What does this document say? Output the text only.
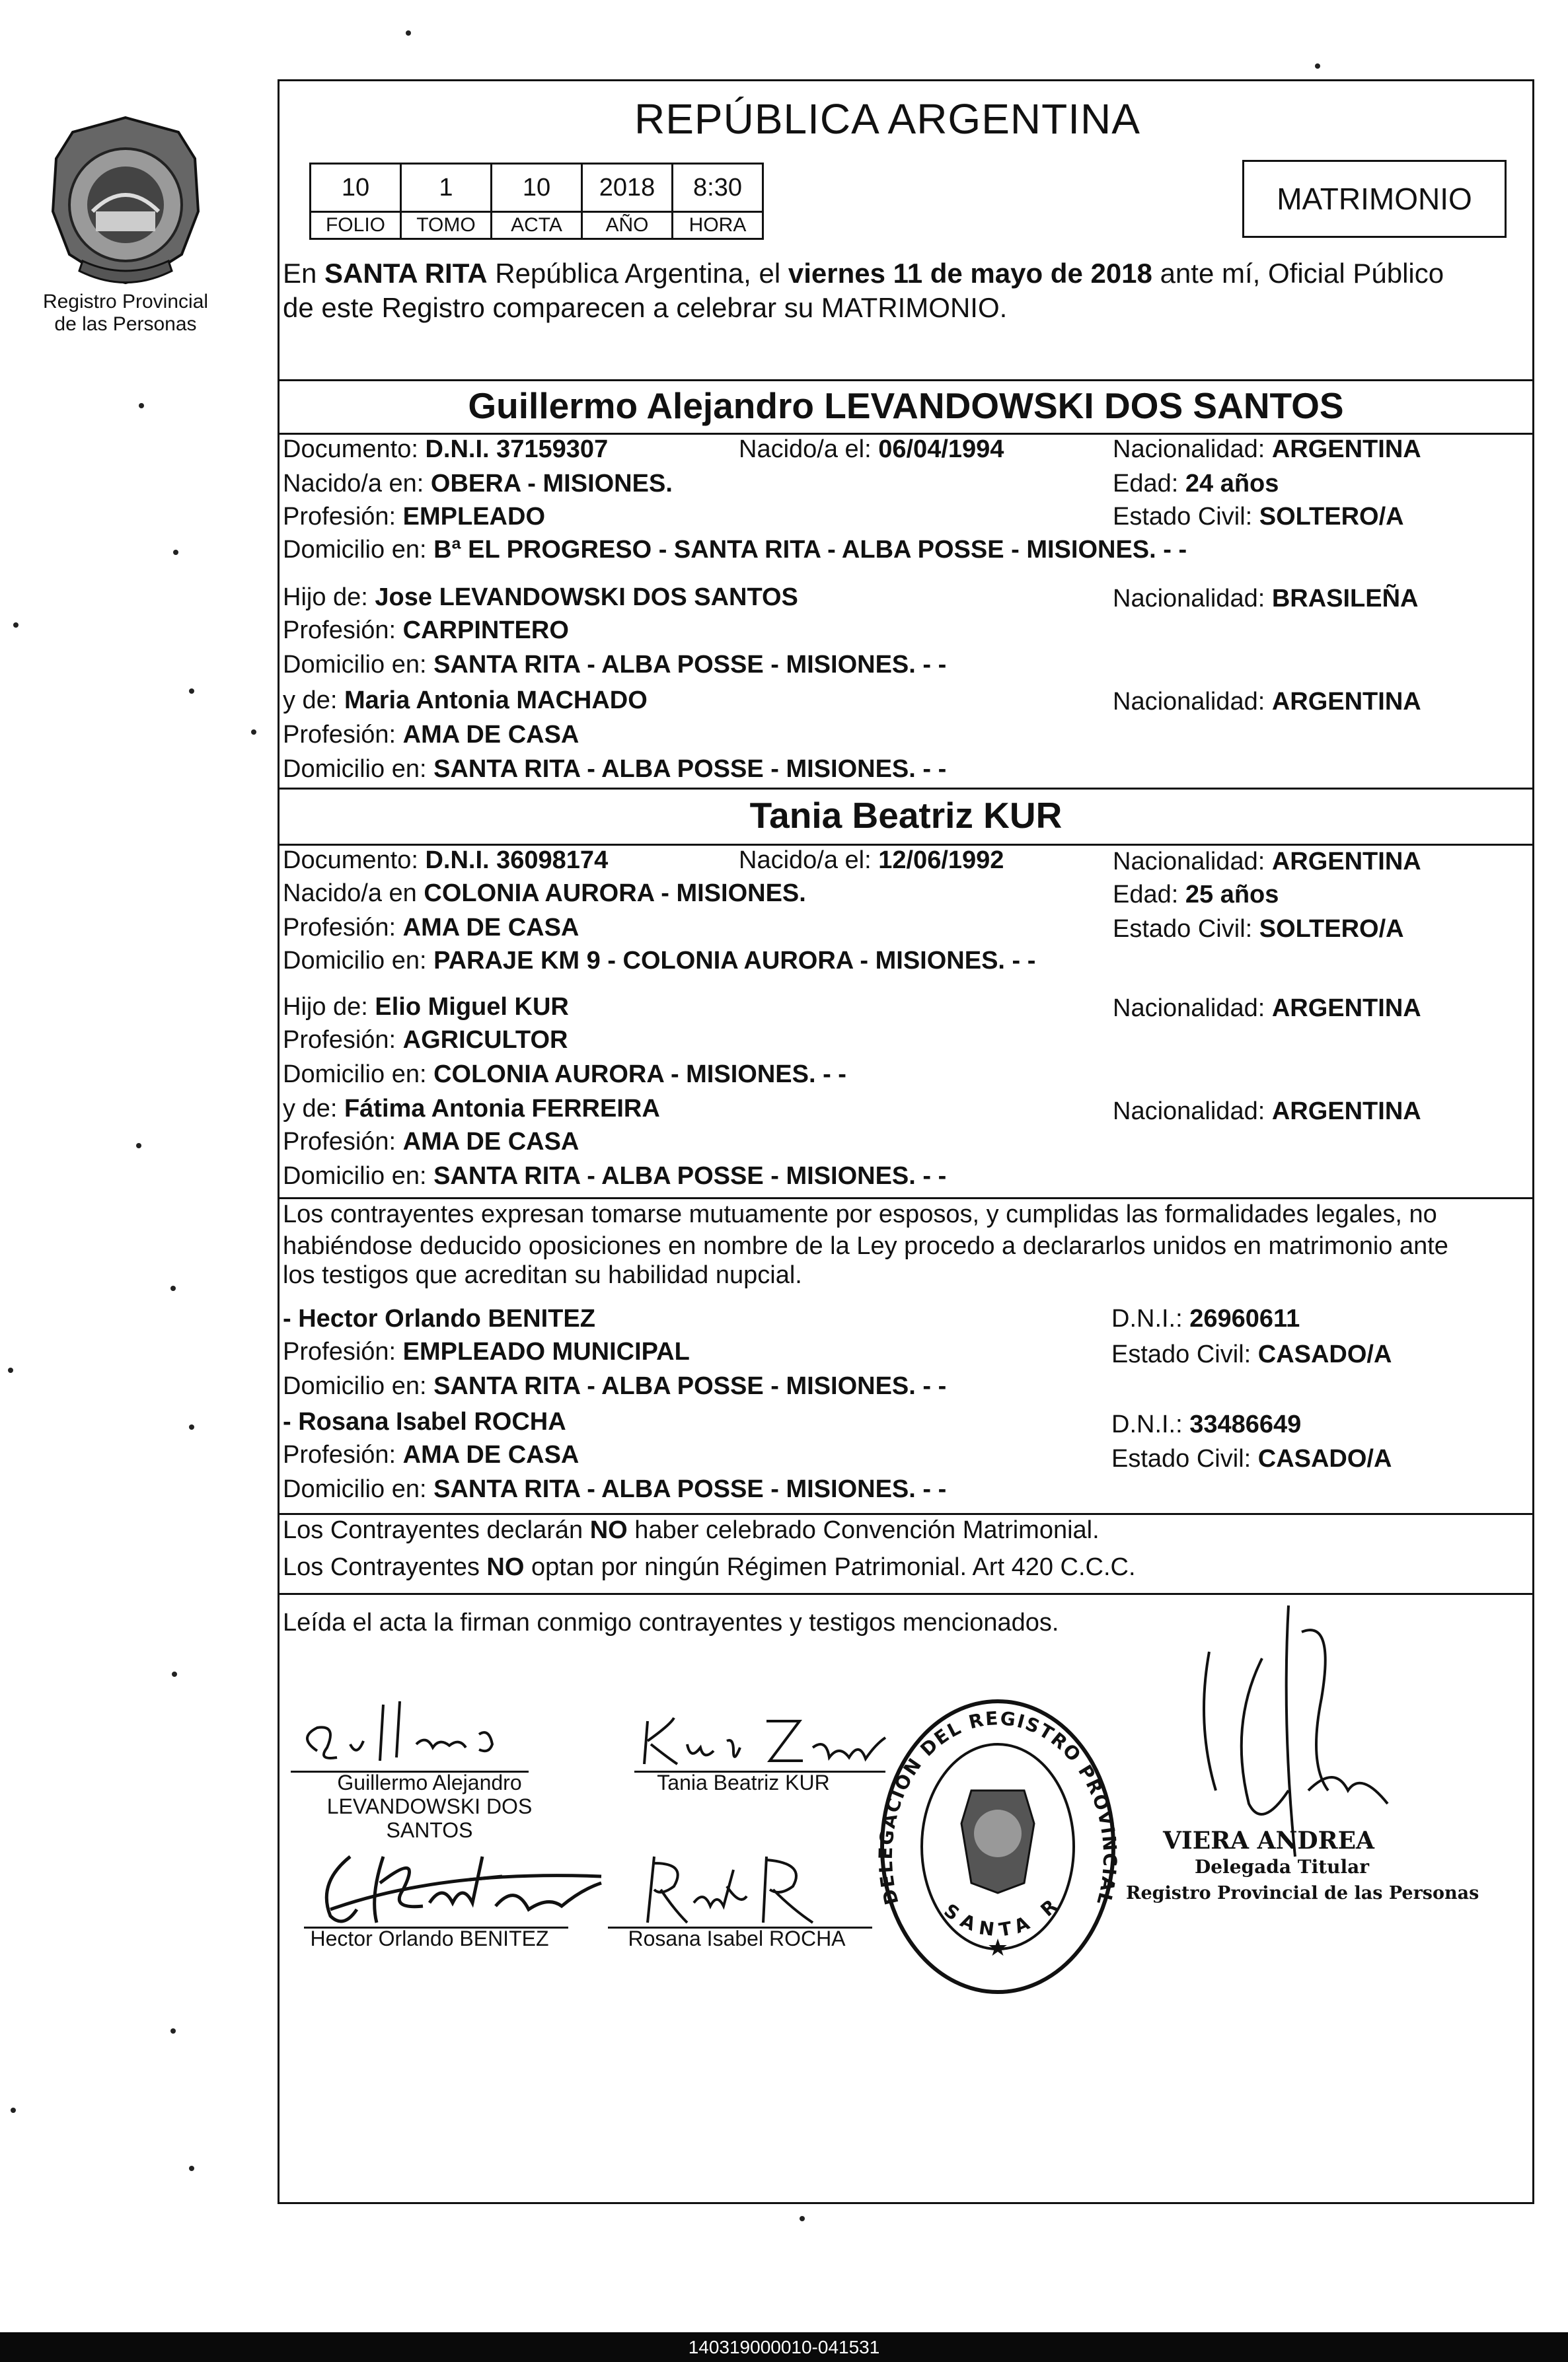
Registro Provincial
de las Personas
REPÚBLICA ARGENTINA
10	1	10	2018	8:30
FOLIO	TOMO	ACTA	AÑO	HORA
MATRIMONIO
En SANTA RITA República Argentina, el viernes 11 de mayo de 2018 ante mí, Oficial Público
de este Registro comparecen a celebrar su MATRIMONIO.
Guillermo Alejandro LEVANDOWSKI DOS SANTOS
Documento: D.N.I. 37159307	Nacido/a el: 06/04/1994	Nacionalidad: ARGENTINA
Nacido/a en: OBERA - MISIONES.	Edad: 24 años
Profesión: EMPLEADO	Estado Civil: SOLTERO/A
Domicilio en: Bª EL PROGRESO - SANTA RITA - ALBA POSSE - MISIONES. - -
Hijo de: Jose LEVANDOWSKI DOS SANTOS	Nacionalidad: BRASILEÑA
Profesión: CARPINTERO
Domicilio en: SANTA RITA - ALBA POSSE - MISIONES. - -
y de: Maria Antonia MACHADO	Nacionalidad: ARGENTINA
Profesión: AMA DE CASA
Domicilio en: SANTA RITA - ALBA POSSE - MISIONES. - -
Tania Beatriz KUR
Documento: D.N.I. 36098174	Nacido/a el: 12/06/1992	Nacionalidad: ARGENTINA
Nacido/a en COLONIA AURORA - MISIONES.	Edad: 25 años
Profesión: AMA DE CASA	Estado Civil: SOLTERO/A
Domicilio en: PARAJE KM 9 - COLONIA AURORA - MISIONES. - -
Hijo de: Elio Miguel KUR	Nacionalidad: ARGENTINA
Profesión: AGRICULTOR
Domicilio en: COLONIA AURORA - MISIONES. - -
y de: Fátima Antonia FERREIRA	Nacionalidad: ARGENTINA
Profesión: AMA DE CASA
Domicilio en: SANTA RITA - ALBA POSSE - MISIONES. - -
Los contrayentes expresan tomarse mutuamente por esposos, y cumplidas las formalidades legales, no
habiéndose deducido oposiciones en nombre de la Ley procedo a declararlos unidos en matrimonio ante
los testigos que acreditan su habilidad nupcial.
- Hector Orlando BENITEZ	D.N.I.: 26960611
Profesión: EMPLEADO MUNICIPAL	Estado Civil: CASADO/A
Domicilio en: SANTA RITA - ALBA POSSE - MISIONES. - -
- Rosana Isabel ROCHA	D.N.I.: 33486649
Profesión: AMA DE CASA	Estado Civil: CASADO/A
Domicilio en: SANTA RITA - ALBA POSSE - MISIONES. - -
Los Contrayentes declarán NO haber celebrado Convención Matrimonial.
Los Contrayentes NO optan por ningún Régimen Patrimonial. Art 420 C.C.C.
Leída el acta la firman conmigo contrayentes y testigos mencionados.
Guillermo Alejandro
LEVANDOWSKI DOS
SANTOS
Tania Beatriz KUR
Hector Orlando BENITEZ	Rosana Isabel ROCHA
DELEGACION DEL REGISTRO PROVINCIAL
SANTA R
★
VIERA ANDREA
Delegada Titular
Registro Provincial de las Personas
140319000010-041531
